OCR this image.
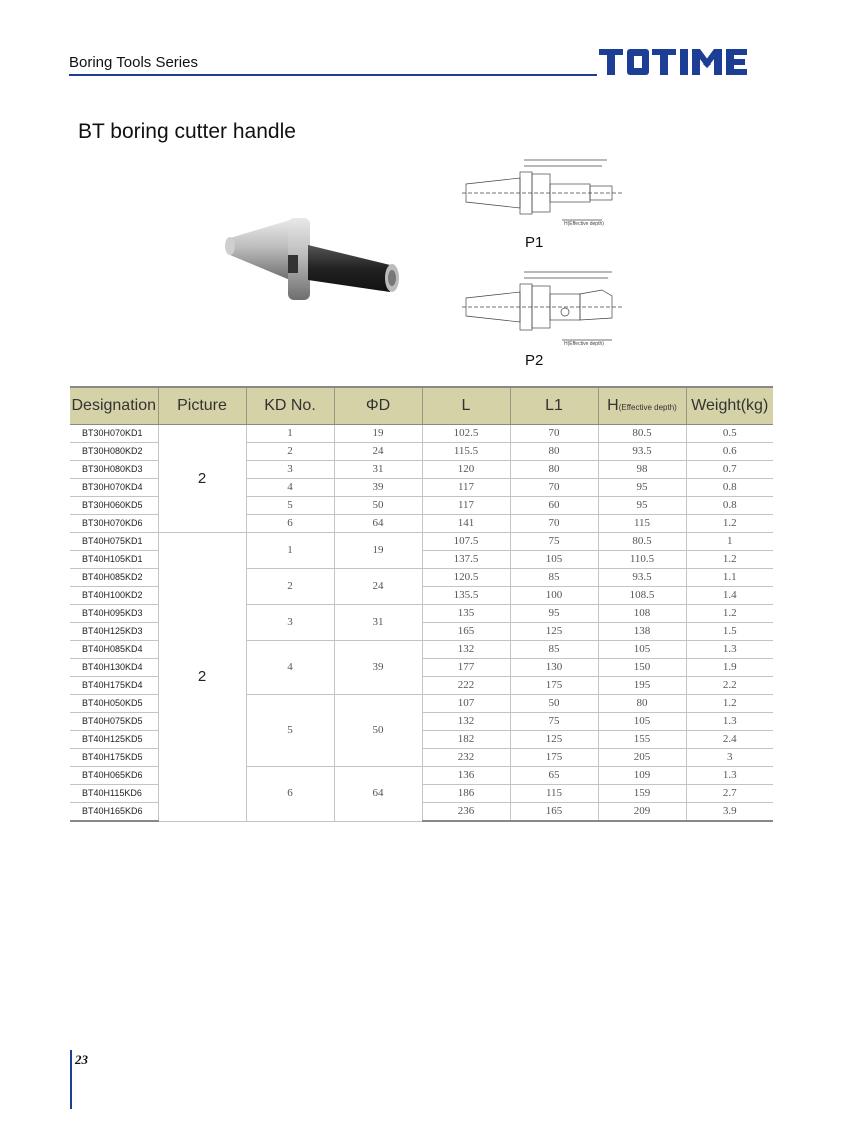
Boring Tools Series
BT boring cutter handle
H(Effective depth)
P1
H(Effective depth)
P2
Designation	Picture	KD No.	ΦD	L	L1	H(Effective depth)	Weight(kg)
BT30H070KD1	2	1	19	102.5	70	80.5	0.5
BT30H080KD2		2	24	115.5	80	93.5	0.6
BT30H080KD3		3	31	120	80	98	0.7
BT30H070KD4		4	39	117	70	95	0.8
BT30H060KD5		5	50	117	60	95	0.8
BT30H070KD6		6	64	141	70	115	1.2
BT40H075KD1	2	1	19	107.5	75	80.5	1
BT40H105KD1				137.5	105	110.5	1.2
BT40H085KD2		2	24	120.5	85	93.5	1.1
BT40H100KD2				135.5	100	108.5	1.4
BT40H095KD3		3	31	135	95	108	1.2
BT40H125KD3				165	125	138	1.5
BT40H085KD4		4	39	132	85	105	1.3
BT40H130KD4				177	130	150	1.9
BT40H175KD4				222	175	195	2.2
BT40H050KD5		5	50	107	50	80	1.2
BT40H075KD5				132	75	105	1.3
BT40H125KD5				182	125	155	2.4
BT40H175KD5				232	175	205	3
BT40H065KD6		6	64	136	65	109	1.3
BT40H115KD6				186	115	159	2.7
BT40H165KD6				236	165	209	3.9
23
